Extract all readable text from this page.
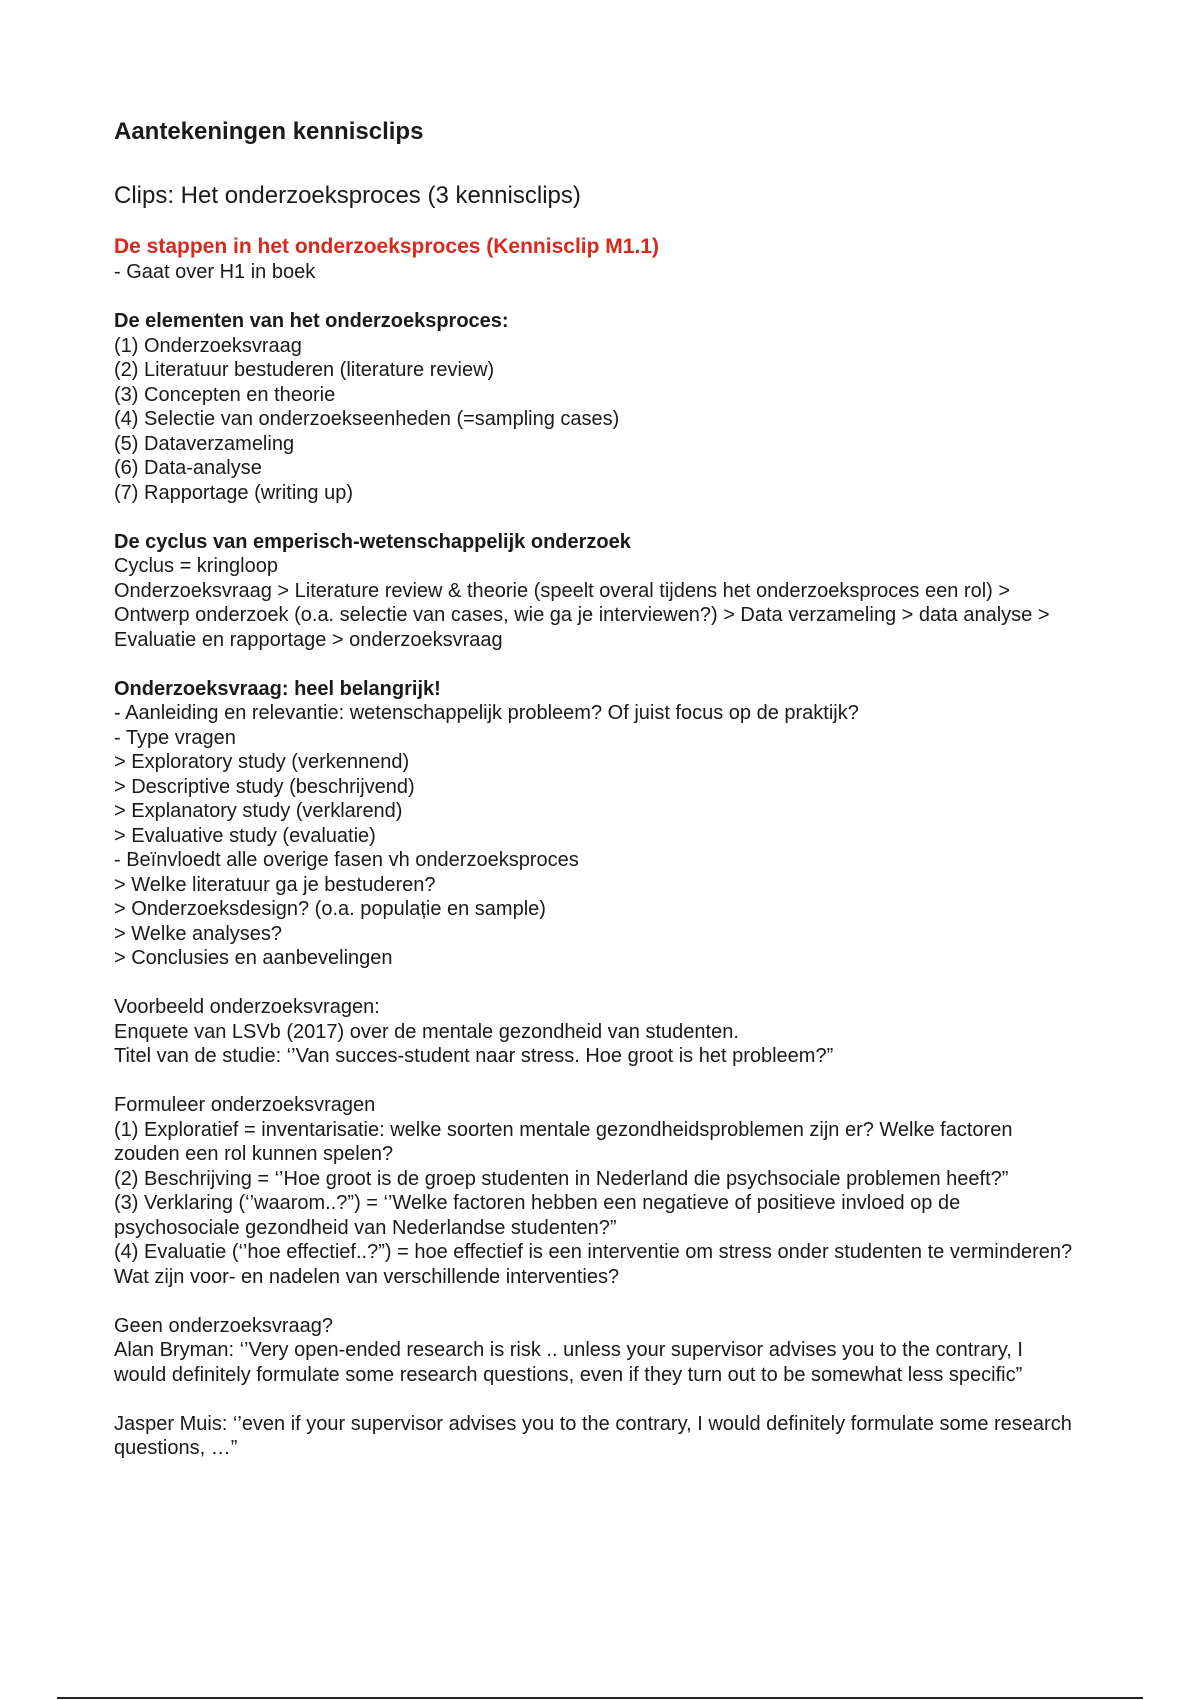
Aantekeningen kennisclips

Clips: Het onderzoeksproces (3 kennisclips)

De stappen in het onderzoeksproces (Kennisclip M1.1)

- Gaat over H1 in boek

De elementen van het onderzoeksproces:

(1) Onderzoeksvraag

(2) Literatuur bestuderen (literature review)

(3) Concepten en theorie

(4) Selectie van onderzoekseenheden (=sampling cases)

(5) Dataverzameling

(6) Data-analyse

(7) Rapportage (writing up)

De cyclus van emperisch-wetenschappelijk onderzoek

Cyclus = kringloop

Onderzoeksvraag > Literature review & theorie (speelt overal tijdens het onderzoeksproces een rol) > Ontwerp onderzoek (o.a. selectie van cases, wie ga je interviewen?) > Data verzameling > data analyse > Evaluatie en rapportage > onderzoeksvraag

Onderzoeksvraag: heel belangrijk!

- Aanleiding en relevantie: wetenschappelijk probleem? Of juist focus op de praktijk?

- Type vragen

> Exploratory study (verkennend)

> Descriptive study (beschrijvend)

> Explanatory study (verklarend)

> Evaluative study (evaluatie)

- Beïnvloedt alle overige fasen vh onderzoeksproces

> Welke literatuur ga je bestuderen?

> Onderzoeksdesign? (o.a. populație en sample)

> Welke analyses?

> Conclusies en aanbevelingen

Voorbeeld onderzoeksvragen:

Enquete van LSVb (2017) over de mentale gezondheid van studenten.

Titel van de studie: ‘’Van succes-student naar stress. Hoe groot is het probleem?”

Formuleer onderzoeksvragen

(1) Exploratief = inventarisatie: welke soorten mentale gezondheidsproblemen zijn er? Welke factoren zouden een rol kunnen spelen?

(2) Beschrijving = ‘’Hoe groot is de groep studenten in Nederland die psychsociale problemen heeft?”

(3) Verklaring (‘’waarom..?”) = ‘’Welke factoren hebben een negatieve of positieve invloed op de psychosociale gezondheid van Nederlandse studenten?”

(4) Evaluatie (‘’hoe effectief..?”) = hoe effectief is een interventie om stress onder studenten te verminderen? Wat zijn voor- en nadelen van verschillende interventies?

Geen onderzoeksvraag?

Alan Bryman: ‘’Very open-ended research is risk .. unless your supervisor advises you to the contrary, I would definitely formulate some research questions, even if they turn out to be somewhat less specific”

Jasper Muis: ‘’even if your supervisor advises you to the contrary, I would definitely formulate some research questions, …”
